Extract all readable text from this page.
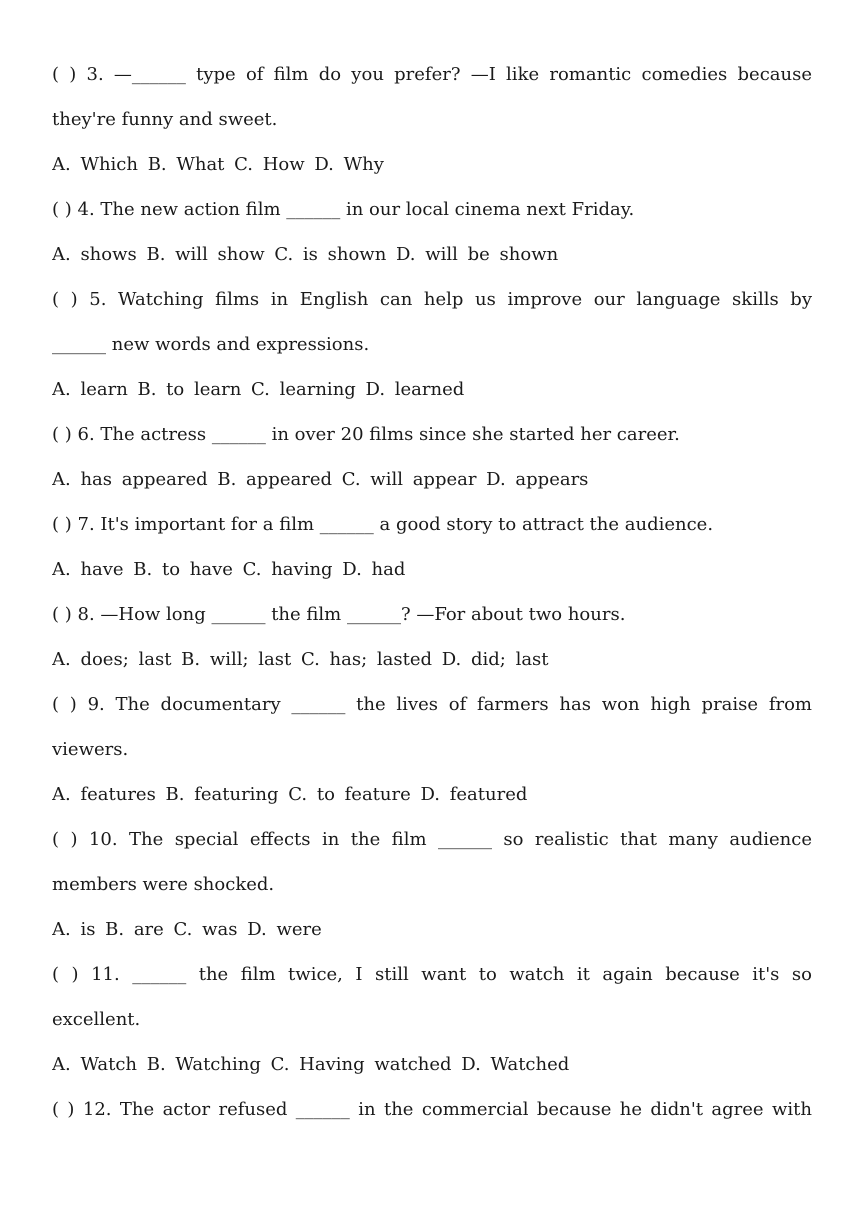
( ) 3. —______ type of film do you prefer? —I like romantic comedies because
they're funny and sweet.
A. Which B. What C. How D. Why
( ) 4. The new action film ______ in our local cinema next Friday.
A. shows B. will show C. is shown D. will be shown
( ) 5. Watching films in English can help us improve our language skills by
______ new words and expressions.
A. learn B. to learn C. learning D. learned
( ) 6. The actress ______ in over 20 films since she started her career.
A. has appeared B. appeared C. will appear D. appears
( ) 7. It's important for a film ______ a good story to attract the audience.
A. have B. to have C. having D. had
( ) 8. —How long ______ the film ______? —For about two hours.
A. does; last B. will; last C. has; lasted D. did; last
( ) 9. The documentary ______ the lives of farmers has won high praise from
viewers.
A. features B. featuring C. to feature D. featured
( ) 10. The special effects in the film ______ so realistic that many audience
members were shocked.
A. is B. are C. was D. were
( ) 11. ______ the film twice, I still want to watch it again because it's so
excellent.
A. Watch B. Watching C. Having watched D. Watched
( ) 12. The actor refused ______ in the commercial because he didn't agree with
